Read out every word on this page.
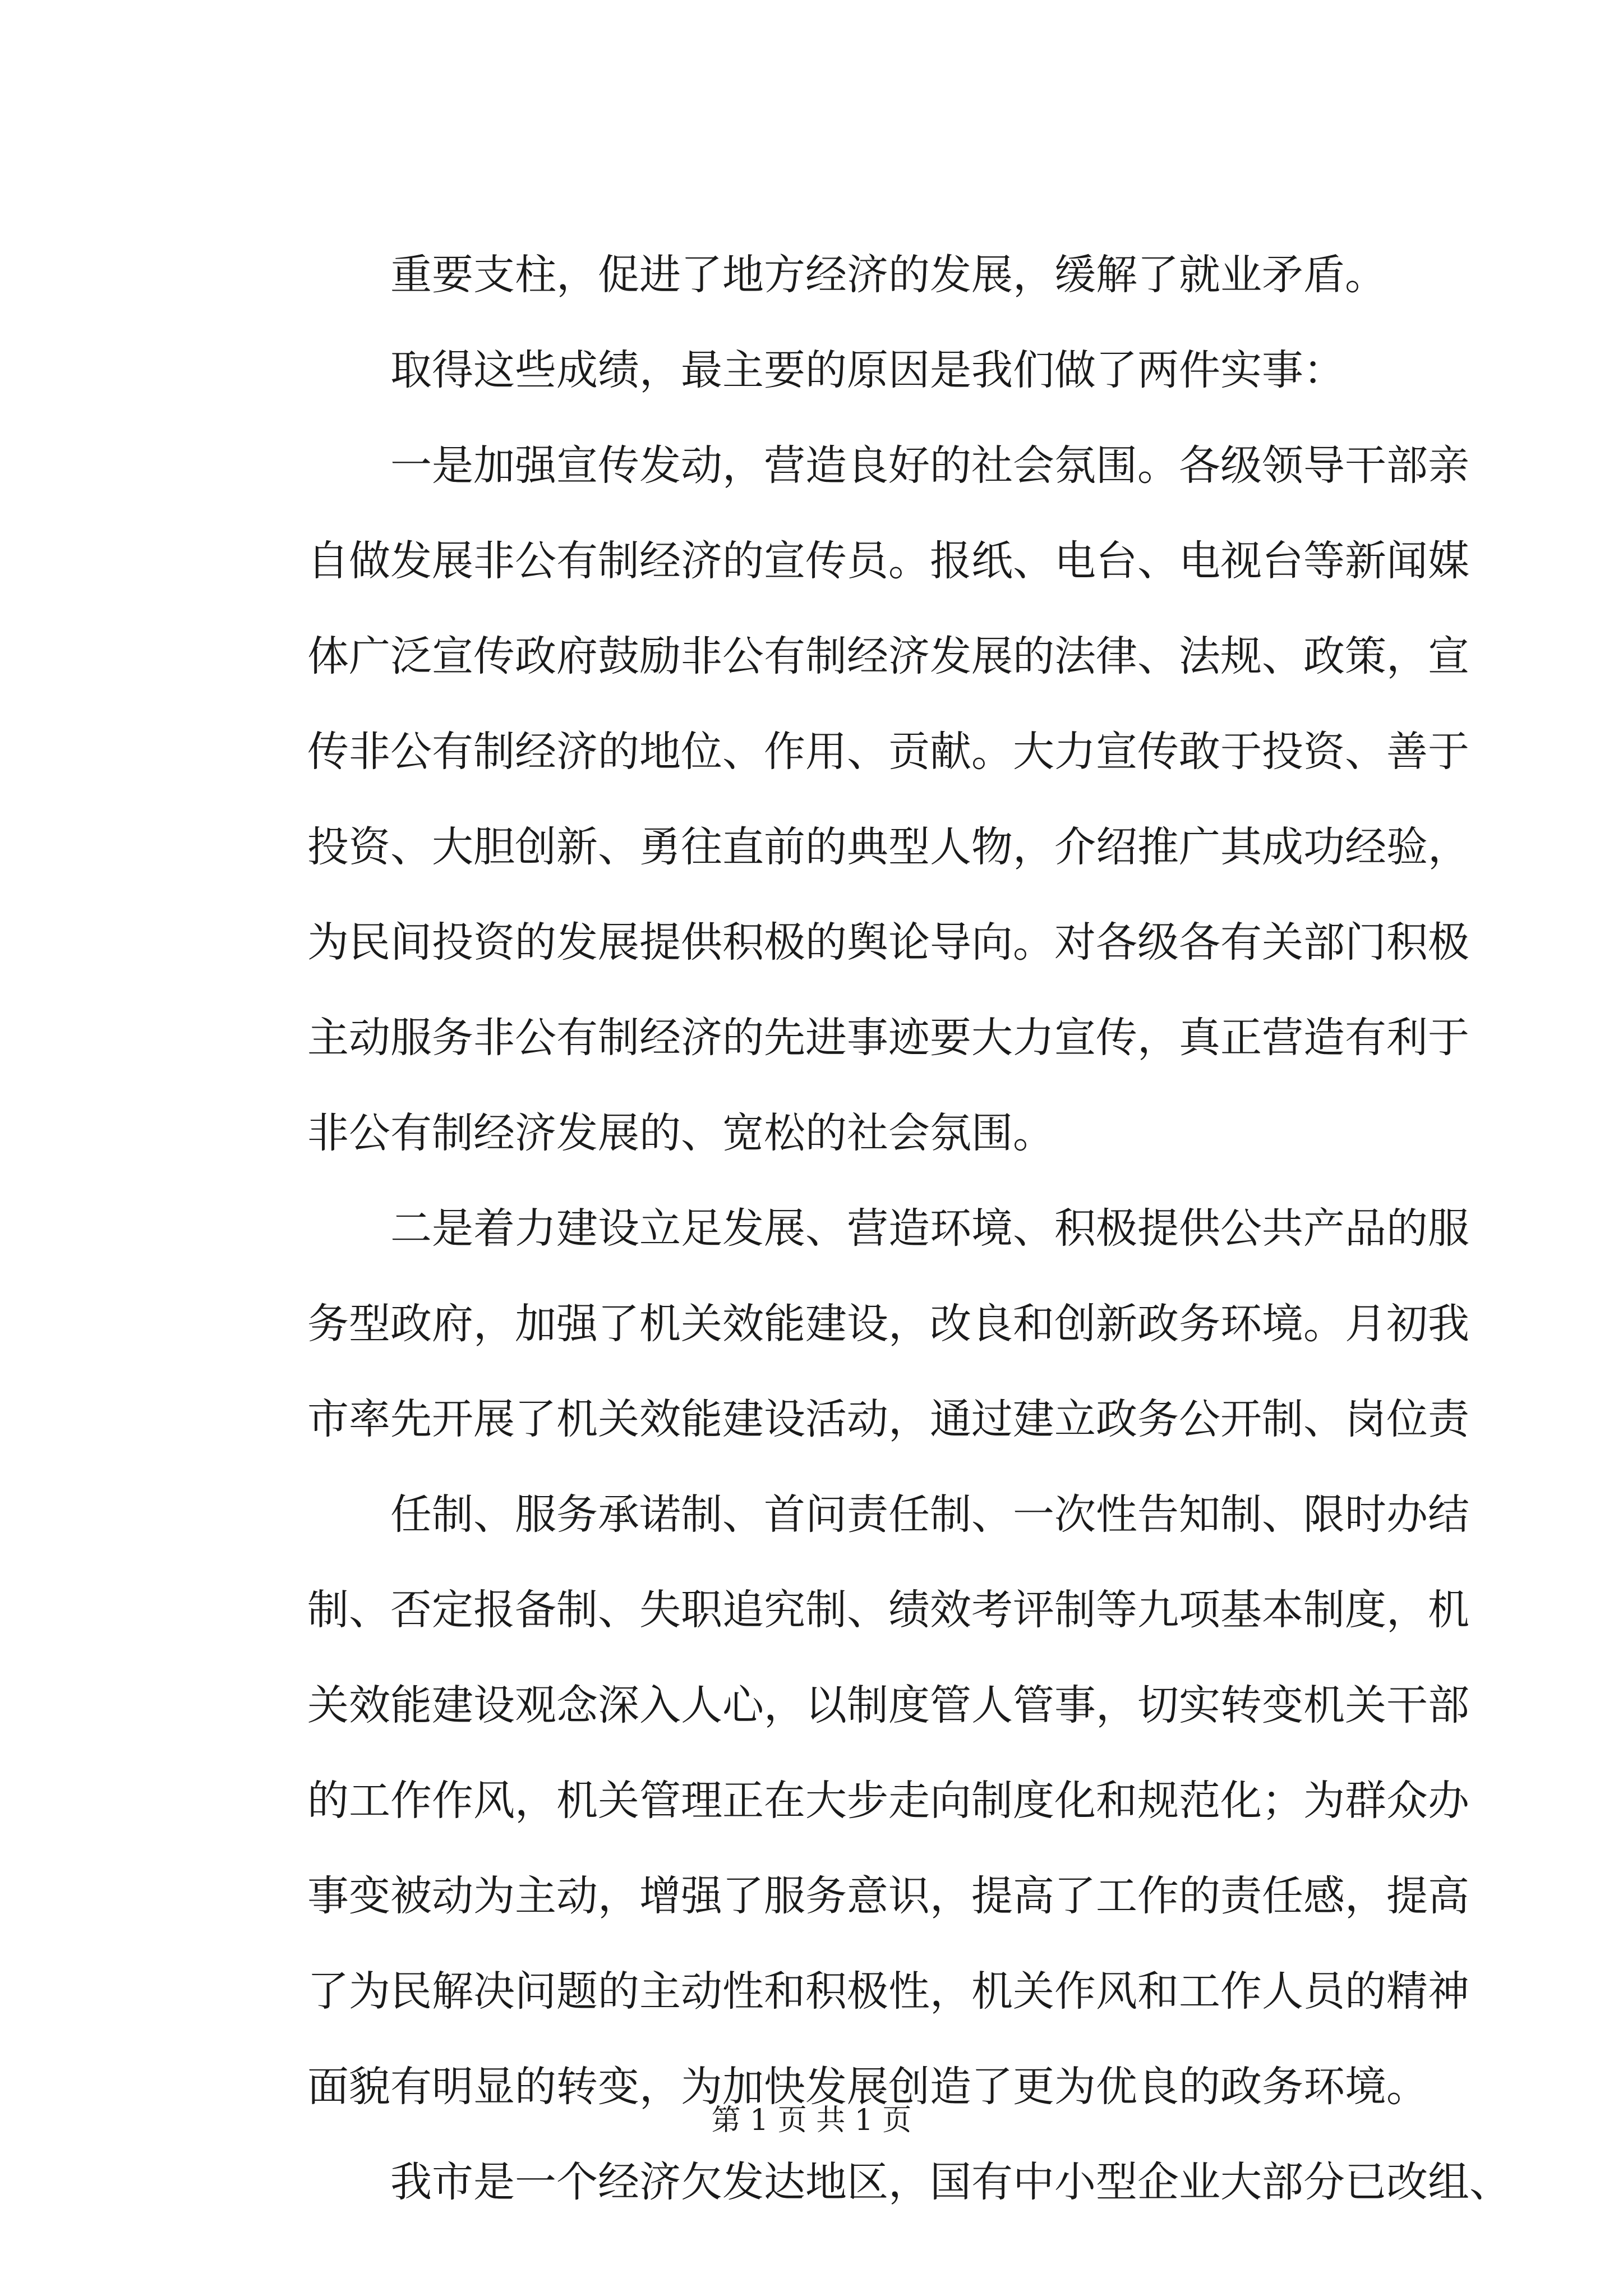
重要支柱，促进了地方经济的发展，缓解了就业矛盾。
取得这些成绩，最主要的原因是我们做了两件实事：
一是加强宣传发动，营造良好的社会氛围。各级领导干部亲
自做发展非公有制经济的宣传员。报纸、电台、电视台等新闻媒
体广泛宣传政府鼓励非公有制经济发展的法律、法规、政策，宣
传非公有制经济的地位、作用、贡献。大力宣传敢于投资、善于
投资、大胆创新、勇往直前的典型人物，介绍推广其成功经验，
为民间投资的发展提供积极的舆论导向。对各级各有关部门积极
主动服务非公有制经济的先进事迹要大力宣传，真正营造有利于
非公有制经济发展的、宽松的社会氛围。
二是着力建设立足发展、营造环境、积极提供公共产品的服
务型政府，加强了机关效能建设，改良和创新政务环境。月初我
市率先开展了机关效能建设活动，通过建立政务公开制、岗位责
任制、服务承诺制、首问责任制、一次性告知制、限时办结
制、否定报备制、失职追究制、绩效考评制等九项基本制度，机
关效能建设观念深入人心，以制度管人管事，切实转变机关干部
的工作作风，机关管理正在大步走向制度化和规范化；为群众办
事变被动为主动，增强了服务意识，提高了工作的责任感，提高
了为民解决问题的主动性和积极性，机关作风和工作人员的精神
面貌有明显的转变，为加快发展创造了更为优良的政务环境。
我市是一个经济欠发达地区，国有中小型企业大部分已改组、
第 1 页 共 1 页
